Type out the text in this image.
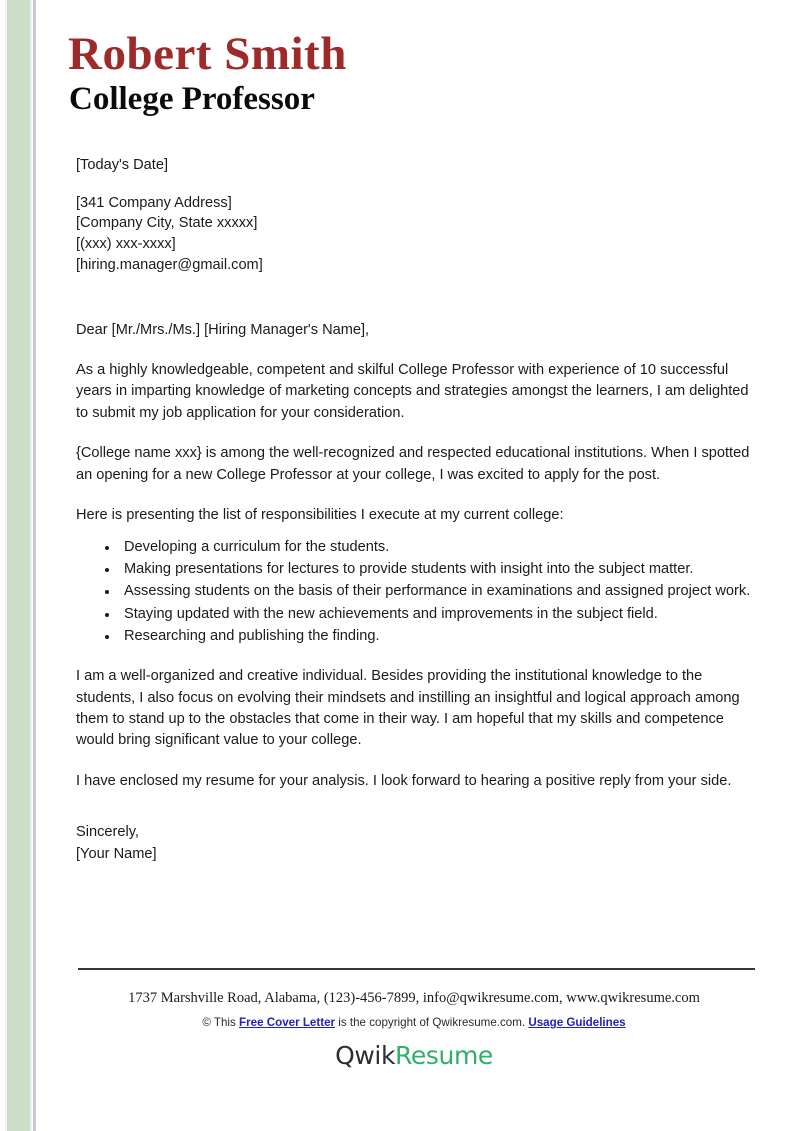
Robert Smith
College Professor
[Today's Date]
[341 Company Address]
[Company City, State xxxxx]
[(xxx) xxx-xxxx]
[hiring.manager@gmail.com]
Dear [Mr./Mrs./Ms.] [Hiring Manager's Name],

As a highly knowledgeable, competent and skilful College Professor with experience of 10 successful years in imparting knowledge of marketing concepts and strategies amongst the learners, I am delighted to submit my job application for your consideration.

{College name xxx} is among the well-recognized and respected educational institutions. When I spotted an opening for a new College Professor at your college, I was excited to apply for the post.

Here is presenting the list of responsibilities I execute at my current college:

Developing a curriculum for the students.
Making presentations for lectures to provide students with insight into the subject matter.
Assessing students on the basis of their performance in examinations and assigned project work.
Staying updated with the new achievements and improvements in the subject field.
Researching and publishing the finding.

I am a well-organized and creative individual. Besides providing the institutional knowledge to the students, I also focus on evolving their mindsets and instilling an insightful and logical approach among them to stand up to the obstacles that come in their way. I am hopeful that my skills and competence would bring significant value to your college.

I have enclosed my resume for your analysis. I look forward to hearing a positive reply from your side.

Sincerely,
[Your Name]

1737 Marshville Road, Alabama, (123)-456-7899, info@qwikresume.com, www.qwikresume.com

© This Free Cover Letter is the copyright of Qwikresume.com. Usage Guidelines

QwikResume
